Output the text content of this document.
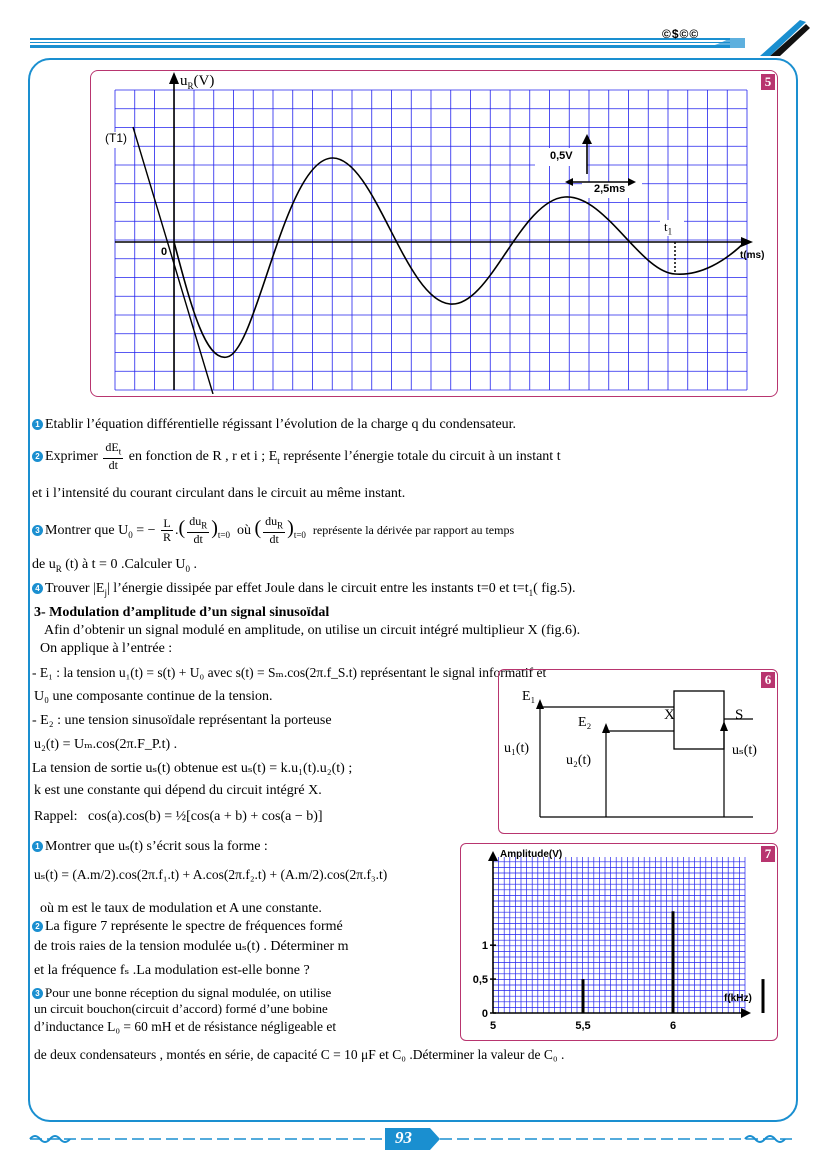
©$©©
5
$u_R(V)$
(T1)
0
0,5V
2,5ms
$t_1$
t(ms)
1 Etablir l’équation différentielle régissant l’évolution de la charge q du condensateur.
2 Exprimer $\frac{dE_t}{dt}$ en fonction de R , r et i ; $E_t$ représente l’énergie totale du circuit à un instant t
et i l’intensité du courant circulant dans le circuit au même instant.
3 Montrer que $U_0$ = − $\frac{L}{R}$ .( $\frac{du_R}{dt} )_{t=0}$ où ( $\frac{du_R}{dt} )_{t=0}$ représente la dérivée par rapport au temps
de $u_R$ (t) à t = 0 .Calculer $U_0$ .
4 Trouver $|E_j|$ l’énergie dissipée par effet Joule dans le circuit entre les instants t=0 et $t=t_1$( fig.5).
3- Modulation d’amplitude d’un signal sinusoïdal
Afin d’obtenir un signal modulé en amplitude, on utilise un circuit intégré multiplieur X (fig.6).
On applique à l’entrée :
- E₁ : la tension u₁(t) = s(t) + U₀ avec s(t) = Sₘ.cos(2π.f_S.t) représentant le signal informatif et
U₀ une composante continue de la tension.
- E₂ : une tension sinusoïdale représentant la porteuse
u₂(t) = Uₘ.cos(2π.F_P.t) .
La tension de sortie uₛ(t) obtenue est uₛ(t) = k.u₁(t).u₂(t) ;
k est une constante qui dépend du circuit intégré X.
Rappel: cos(a).cos(b) = ½[cos(a + b) + cos(a − b)]
6
E₁
E₂	X	S
u₁(t)
u₂(t)
uₛ(t)
1 Montrer que uₛ(t) s’écrit sous la forme :
uₛ(t) = (A.m/2).cos(2π.f₁.t) + A.cos(2π.f₂.t) + (A.m/2).cos(2π.f₃.t)
où m est le taux de modulation et A une constante.
2 La figure 7 représente le spectre de fréquences formé
de trois raies de la tension modulée uₛ(t) . Déterminer m
et la fréquence fₛ .La modulation est-elle bonne ?
3 Pour une bonne réception du signal modulée, on utilise
un circuit bouchon(circuit d’accord) formé d’une bobine
d’inductance L₀ = 60 mH et de résistance négligeable et
de deux condensateurs , montés en série, de capacité C = 10 μF et C₀ .Déterminer la valeur de C₀ .
7
5	5,5	6
0
0,5
1
Amplitude(V)
f(kHz)
93
